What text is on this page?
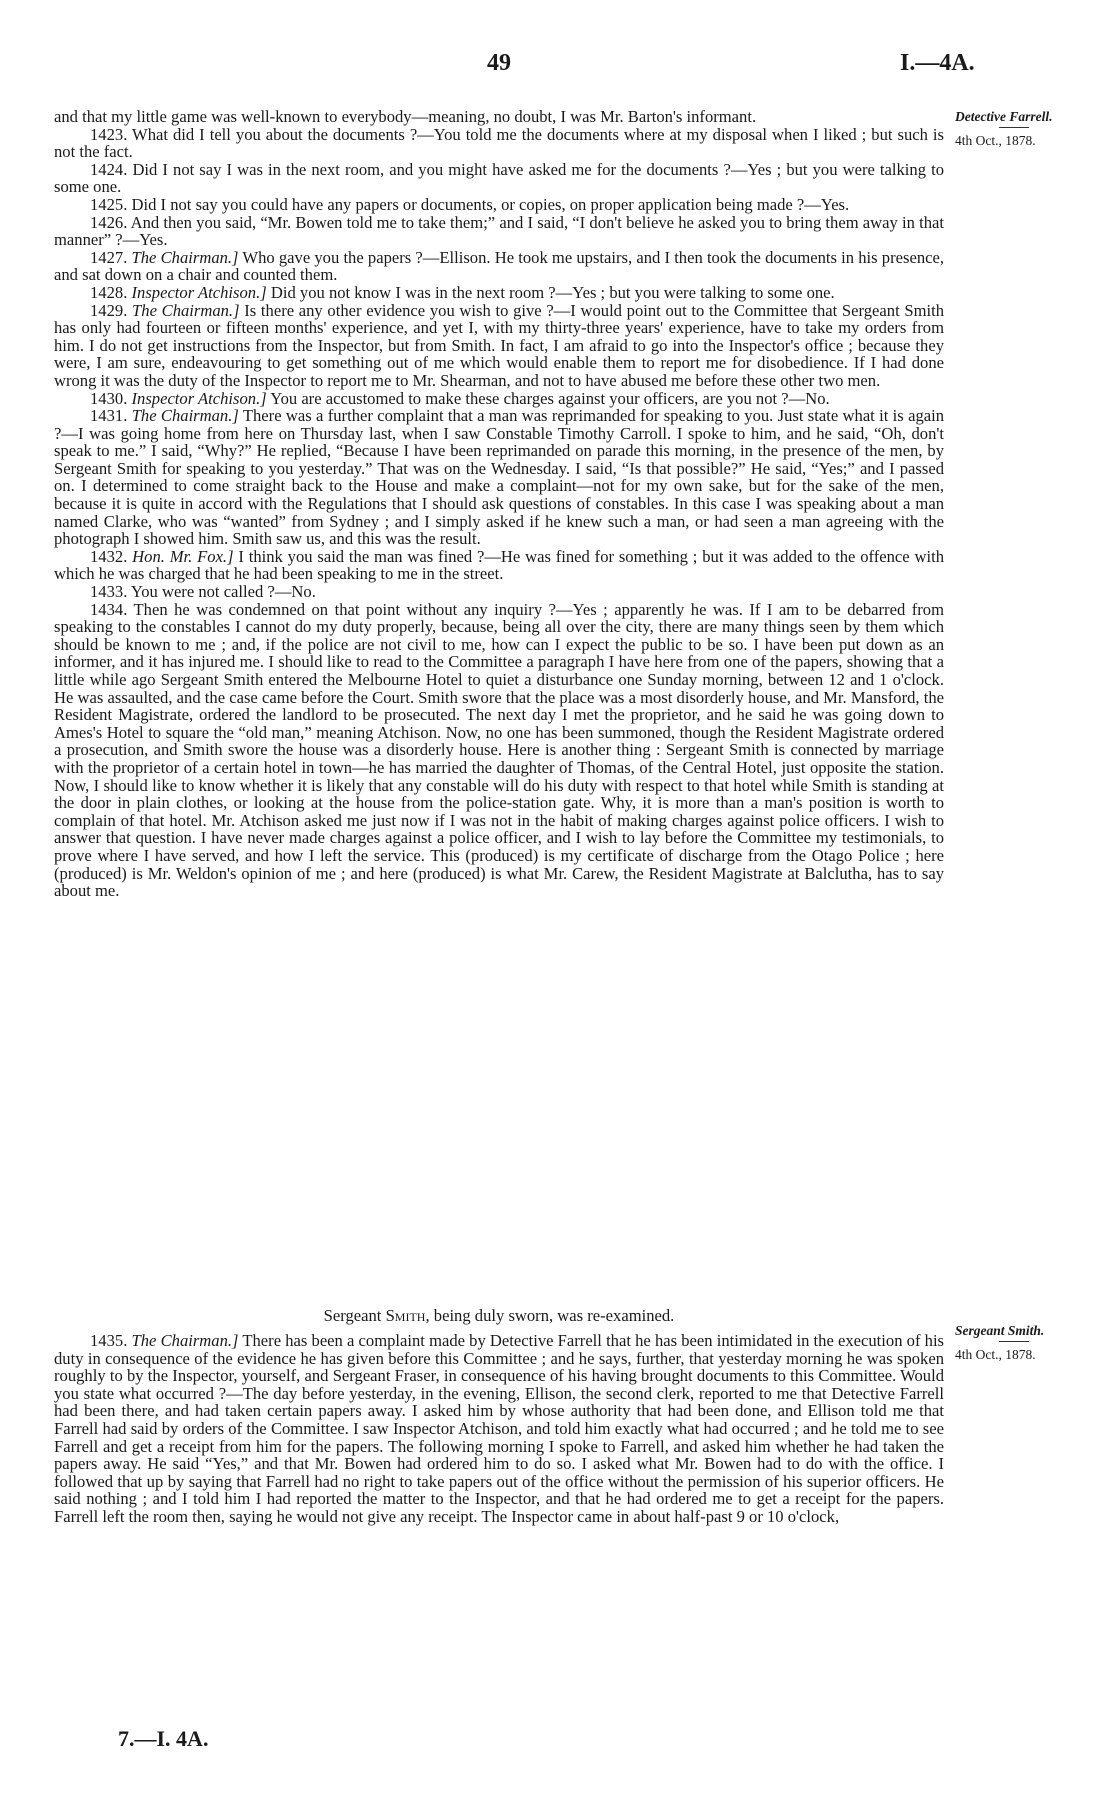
49	I.—4A.
Detective Farrell.
4th Oct., 1878.

and that my little game was well-known to everybody—meaning, no doubt, I was Mr. Barton's informant.

1423. What did I tell you about the documents ?—You told me the documents where at my disposal when I liked ; but such is not the fact.

1424. Did I not say I was in the next room, and you might have asked me for the documents ?—Yes ; but you were talking to some one.

1425. Did I not say you could have any papers or documents, or copies, on proper application being made ?—Yes.

1426. And then you said, “Mr. Bowen told me to take them;” and I said, “I don't believe he asked you to bring them away in that manner” ?—Yes.

1427. The Chairman.] Who gave you the papers ?—Ellison. He took me upstairs, and I then took the documents in his presence, and sat down on a chair and counted them.

1428. Inspector Atchison.] Did you not know I was in the next room ?—Yes ; but you were talking to some one.

1429. The Chairman.] Is there any other evidence you wish to give ?—I would point out to the Committee that Sergeant Smith has only had fourteen or fifteen months' experience, and yet I, with my thirty-three years' experience, have to take my orders from him. I do not get instructions from the Inspector, but from Smith. In fact, I am afraid to go into the Inspector's office ; because they were, I am sure, endeavouring to get something out of me which would enable them to report me for disobedience. If I had done wrong it was the duty of the Inspector to report me to Mr. Shearman, and not to have abused me before these other two men.

1430. Inspector Atchison.] You are accustomed to make these charges against your officers, are you not ?—No.

1431. The Chairman.] There was a further complaint that a man was reprimanded for speaking to you. Just state what it is again ?—I was going home from here on Thursday last, when I saw Constable Timothy Carroll. I spoke to him, and he said, “Oh, don't speak to me.” I said, “Why?” He replied, “Because I have been reprimanded on parade this morning, in the presence of the men, by Sergeant Smith for speaking to you yesterday.” That was on the Wednesday. I said, “Is that possible?” He said, “Yes;” and I passed on. I determined to come straight back to the House and make a complaint—not for my own sake, but for the sake of the men, because it is quite in accord with the Regulations that I should ask questions of constables. In this case I was speaking about a man named Clarke, who was “wanted” from Sydney ; and I simply asked if he knew such a man, or had seen a man agreeing with the photograph I showed him. Smith saw us, and this was the result.

1432. Hon. Mr. Fox.] I think you said the man was fined ?—He was fined for something ; but it was added to the offence with which he was charged that he had been speaking to me in the street.

1433. You were not called ?—No.

1434. Then he was condemned on that point without any inquiry ?—Yes ; apparently he was. If I am to be debarred from speaking to the constables I cannot do my duty properly, because, being all over the city, there are many things seen by them which should be known to me ; and, if the police are not civil to me, how can I expect the public to be so. I have been put down as an informer, and it has injured me. I should like to read to the Committee a paragraph I have here from one of the papers, showing that a little while ago Sergeant Smith entered the Melbourne Hotel to quiet a disturbance one Sunday morning, between 12 and 1 o'clock. He was assaulted, and the case came before the Court. Smith swore that the place was a most disorderly house, and Mr. Mansford, the Resident Magistrate, ordered the landlord to be prosecuted. The next day I met the proprietor, and he said he was going down to Ames's Hotel to square the “old man,” meaning Atchison. Now, no one has been summoned, though the Resident Magistrate ordered a prosecution, and Smith swore the house was a disorderly house. Here is another thing : Sergeant Smith is connected by marriage with the proprietor of a certain hotel in town—he has married the daughter of Thomas, of the Central Hotel, just opposite the station. Now, I should like to know whether it is likely that any constable will do his duty with respect to that hotel while Smith is standing at the door in plain clothes, or looking at the house from the police-station gate. Why, it is more than a man's position is worth to complain of that hotel. Mr. Atchison asked me just now if I was not in the habit of making charges against police officers. I wish to answer that question. I have never made charges against a police officer, and I wish to lay before the Committee my testimonials, to prove where I have served, and how I left the service. This (produced) is my certificate of discharge from the Otago Police ; here (produced) is Mr. Weldon's opinion of me ; and here (produced) is what Mr. Carew, the Resident Magistrate at Balclutha, has to say about me.

Sergeant Smith, being duly sworn, was re-examined.
Sergeant Smith.
4th Oct., 1878.

1435. The Chairman.] There has been a complaint made by Detective Farrell that he has been intimidated in the execution of his duty in consequence of the evidence he has given before this Committee ; and he says, further, that yesterday morning he was spoken roughly to by the Inspector, yourself, and Sergeant Fraser, in consequence of his having brought documents to this Committee. Would you state what occurred ?—The day before yesterday, in the evening, Ellison, the second clerk, reported to me that Detective Farrell had been there, and had taken certain papers away. I asked him by whose authority that had been done, and Ellison told me that Farrell had said by orders of the Committee. I saw Inspector Atchison, and told him exactly what had occurred ; and he told me to see Farrell and get a receipt from him for the papers. The following morning I spoke to Farrell, and asked him whether he had taken the papers away. He said “Yes,” and that Mr. Bowen had ordered him to do so. I asked what Mr. Bowen had to do with the office. I followed that up by saying that Farrell had no right to take papers out of the office without the permission of his superior officers. He said nothing ; and I told him I had reported the matter to the Inspector, and that he had ordered me to get a receipt for the papers. Farrell left the room then, saying he would not give any receipt. The Inspector came in about half-past 9 or 10 o'clock,

7.—I. 4A.
